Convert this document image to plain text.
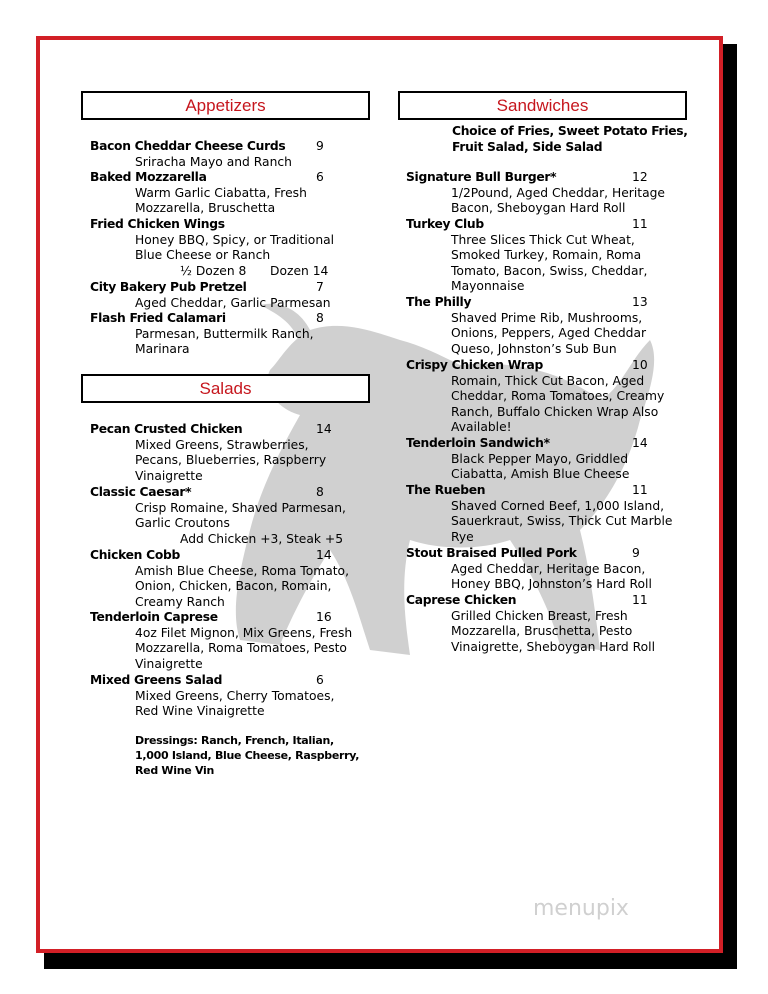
Appetizers
Bacon Cheddar Cheese Curds 9
Sriracha Mayo and Ranch
Baked Mozzarella	6
Warm Garlic Ciabatta, Fresh
Mozzarella, Bruschetta
Fried Chicken Wings
Honey BBQ, Spicy, or Traditional
Blue Cheese or Ranch
½ Dozen 8 Dozen 14
City Bakery Pub Pretzel	7
Aged Cheddar, Garlic Parmesan
Flash Fried Calamari	8
Parmesan, Buttermilk Ranch,
Marinara
Salads
Pecan Crusted Chicken	14
Mixed Greens, Strawberries,
Pecans, Blueberries, Raspberry
Vinaigrette
Classic Caesar*	8
Crisp Romaine, Shaved Parmesan,
Garlic Croutons
Add Chicken +3, Steak +5
Chicken Cobb	14
Amish Blue Cheese, Roma Tomato,
Onion, Chicken, Bacon, Romain,
Creamy Ranch
Tenderloin Caprese	16
4oz Filet Mignon, Mix Greens, Fresh
Mozzarella, Roma Tomatoes, Pesto
Vinaigrette
Mixed Greens Salad	6
Mixed Greens, Cherry Tomatoes,
Red Wine Vinaigrette
Dressings: Ranch, French, Italian, 1,000 Island, Blue Cheese, Raspberry, Red Wine Vin
Sandwiches
Choice of Fries, Sweet Potato Fries,
Fruit Salad, Side Salad
Signature Bull Burger*	12
1/2Pound, Aged Cheddar, Heritage
Bacon, Sheboygan Hard Roll
Turkey Club	11
Three Slices Thick Cut Wheat,
Smoked Turkey, Romain, Roma
Tomato, Bacon, Swiss, Cheddar,
Mayonnaise
The Philly	13
Shaved Prime Rib, Mushrooms,
Onions, Peppers, Aged Cheddar
Queso, Johnston’s Sub Bun
Crispy Chicken Wrap	10
Romain, Thick Cut Bacon, Aged
Cheddar, Roma Tomatoes, Creamy
Ranch, Buffalo Chicken Wrap Also
Available!
Tenderloin Sandwich*	14
Black Pepper Mayo, Griddled
Ciabatta, Amish Blue Cheese
The Rueben	11
Shaved Corned Beef, 1,000 Island,
Sauerkraut, Swiss, Thick Cut Marble
Rye
Stout Braised Pulled Pork	9
Aged Cheddar, Heritage Bacon,
Honey BBQ, Johnston’s Hard Roll
Caprese Chicken	11
Grilled Chicken Breast, Fresh
Mozzarella, Bruschetta, Pesto
Vinaigrette, Sheboygan Hard Roll
menupix
